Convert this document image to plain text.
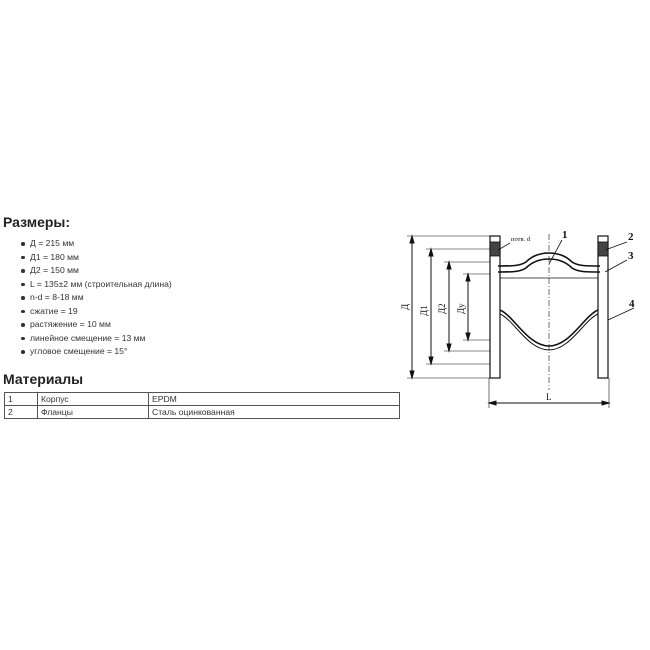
Размеры:
Д = 215 мм
Д1 = 180 мм
Д2 = 150 мм
L = 135±2 мм (строительная длина)
n-d = 8-18 мм
сжатие = 19
растяжение = 10 мм
линейное смещение = 13 мм
угловое смещение = 15°
Материалы
1	Корпус	EPDM
2	Фланцы	Сталь оцинкованная
Д Д1 Д2 Ду
L
потв. d	1	2
3
4
